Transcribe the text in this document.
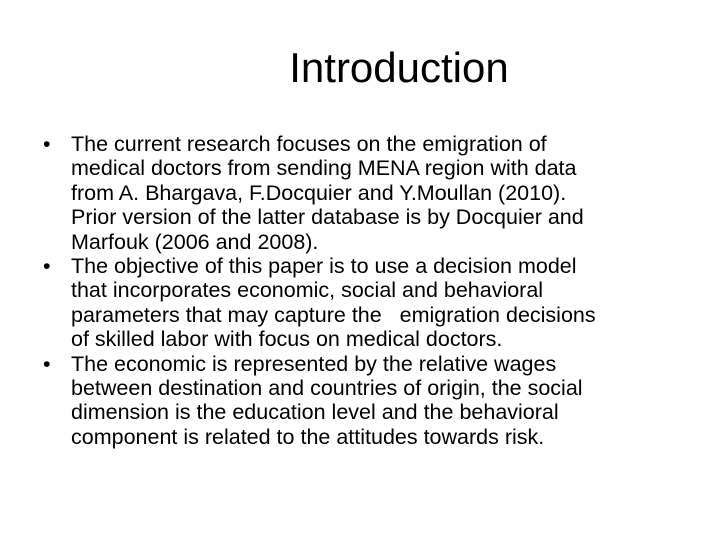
Introduction
• The current research focuses on the emigration of
medical doctors from sending MENA region with data
from A. Bhargava, F.Docquier and Y.Moullan (2010).
Prior version of the latter database is by Docquier and
Marfouk (2006 and 2008).
• The objective of this paper is to use a decision model
that incorporates economic, social and behavioral
parameters that may capture the   emigration decisions
of skilled labor with focus on medical doctors.
• The economic is represented by the relative wages
between destination and countries of origin, the social
dimension is the education level and the behavioral
component is related to the attitudes towards risk.
